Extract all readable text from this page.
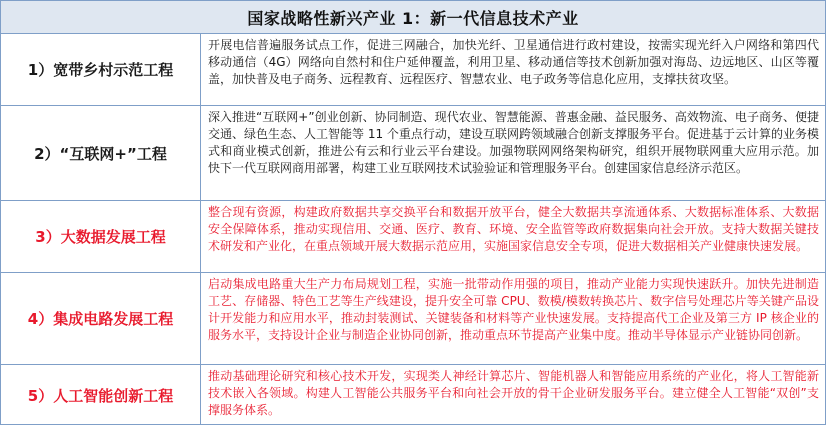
国家战略性新兴产业 1：新一代信息技术产业
1）宽带乡村示范工程
开展电信普遍服务试点工作，促进三网融合，加快光纤、卫星通信进行政村建设，按需实现光纤入户网络和第四代移动通信（4G）网络向自然村和住户延伸覆盖，利用卫星、移动通信等技术创新加强对海岛、边远地区、山区等覆盖，加快普及电子商务、远程教育、远程医疗、智慧农业、电子政务等信息化应用，支撑扶贫攻坚。
2）“互联网+”工程
深入推进“互联网+”创业创新、协同制造、现代农业、智慧能源、普惠金融、益民服务、高效物流、电子商务、便捷交通、绿色生态、人工智能等 11 个重点行动，建设互联网跨领域融合创新支撑服务平台。促进基于云计算的业务模式和商业模式创新，推进公有云和行业云平台建设。加强物联网网络架构研究，组织开展物联网重大应用示范。加快下一代互联网商用部署，构建工业互联网技术试验验证和管理服务平台。创建国家信息经济示范区。
3）大数据发展工程
整合现有资源，构建政府数据共享交换平台和数据开放平台，健全大数据共享流通体系、大数据标准体系、大数据安全保障体系，推动实现信用、交通、医疗、教育、环境、安全监管等政府数据集向社会开放。支持大数据关键技术研发和产业化，在重点领域开展大数据示范应用，实施国家信息安全专项，促进大数据相关产业健康快速发展。
4）集成电路发展工程
启动集成电路重大生产力布局规划工程，实施一批带动作用强的项目，推动产业能力实现快速跃升。加快先进制造工艺、存储器、特色工艺等生产线建设，提升安全可靠 CPU、数模/模数转换芯片、数字信号处理芯片等关键产品设计开发能力和应用水平，推动封装测试、关键装备和材料等产业快速发展。支持提高代工企业及第三方 IP 核企业的服务水平，支持设计企业与制造企业协同创新，推动重点环节提高产业集中度。推动半导体显示产业链协同创新。
5）人工智能创新工程
推动基础理论研究和核心技术开发，实现类人神经计算芯片、智能机器人和智能应用系统的产业化，将人工智能新技术嵌入各领域。构建人工智能公共服务平台和向社会开放的骨干企业研发服务平台。建立健全人工智能“双创”支撑服务体系。
